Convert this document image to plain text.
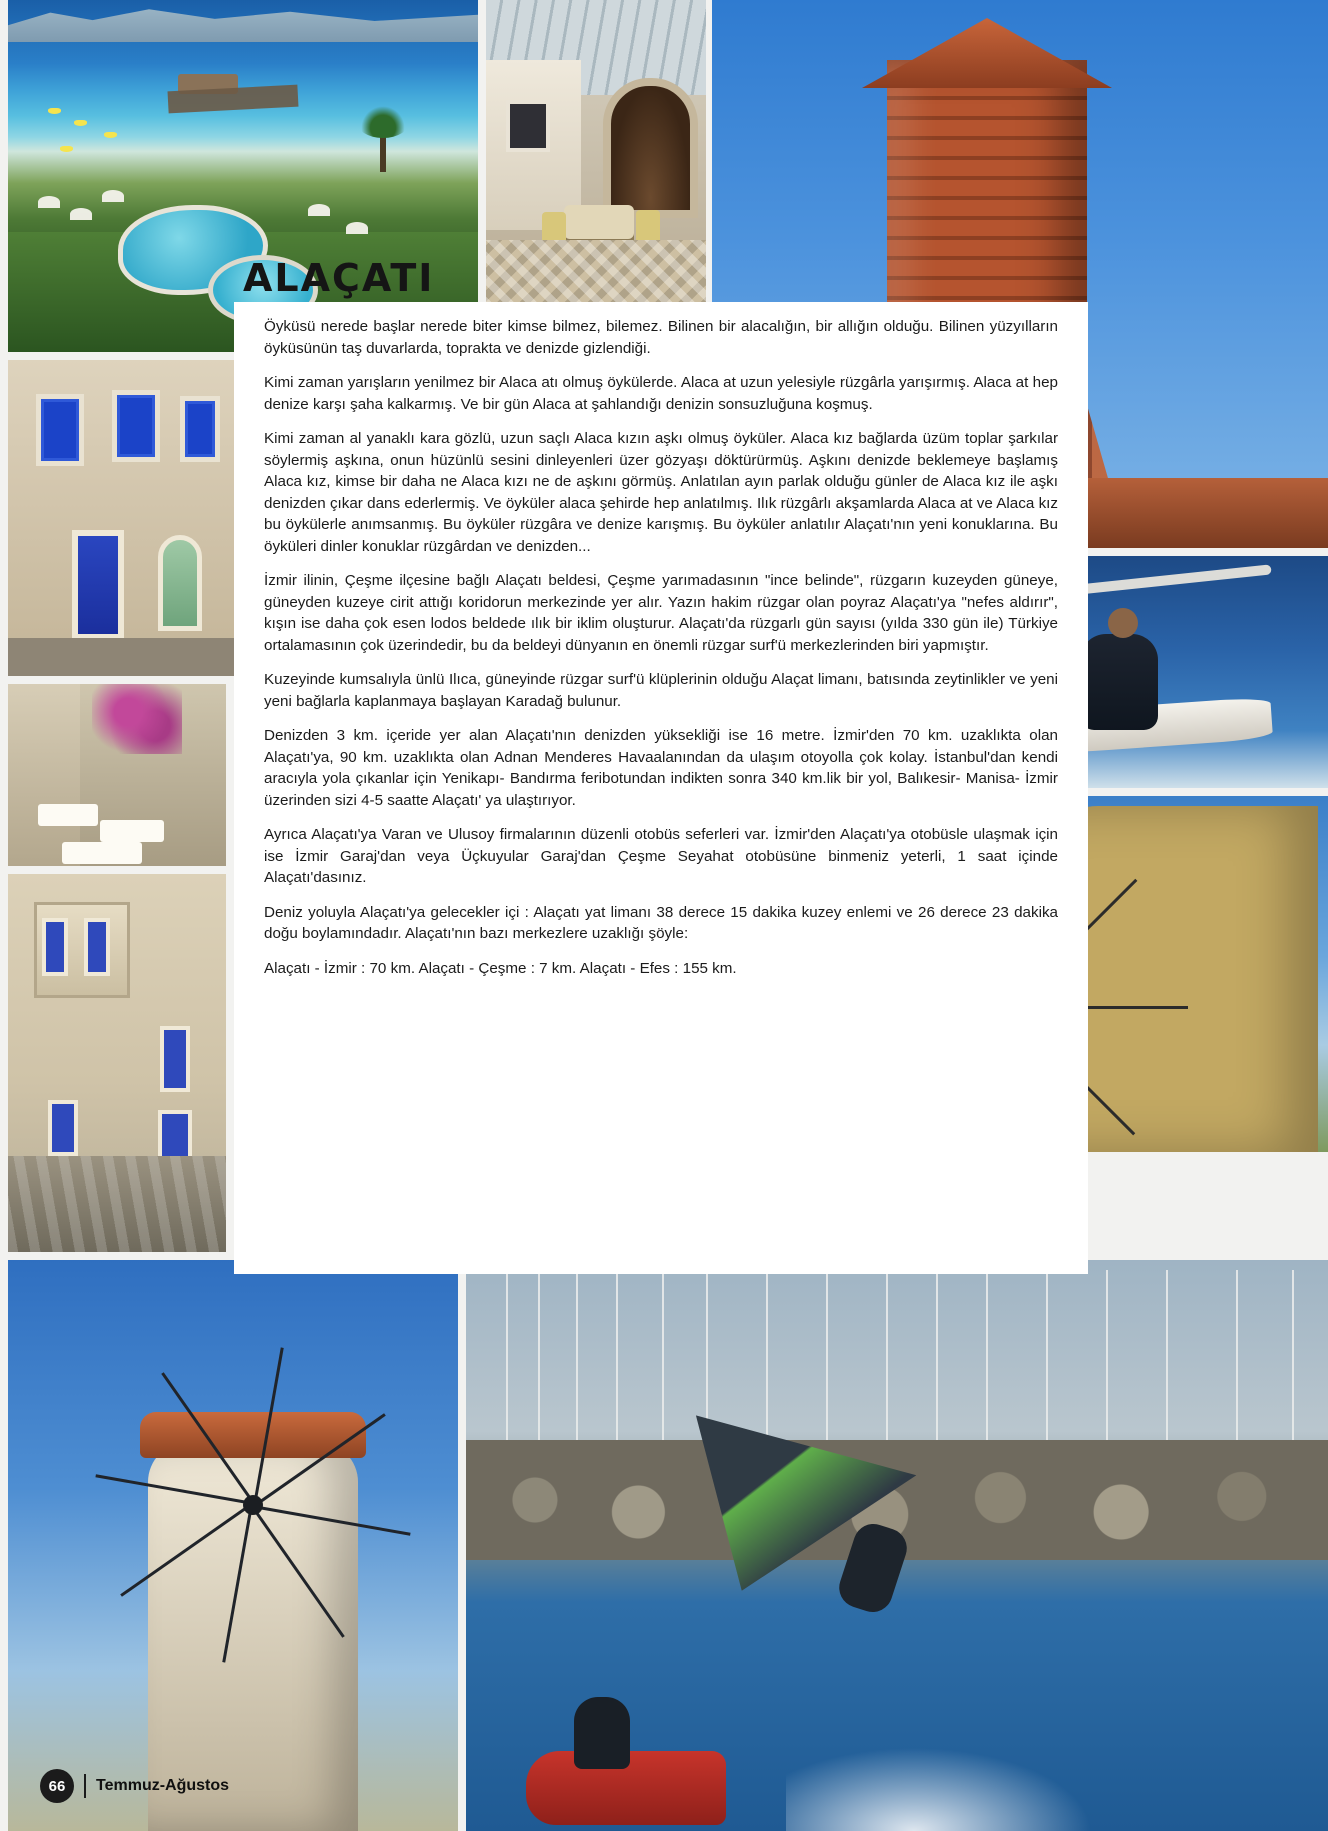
ALAÇATI

Öyküsü nerede başlar nerede biter kimse bilmez, bilemez. Bilinen bir alacalığın, bir allığın olduğu. Bilinen yüzyılların öyküsünün taş duvarlarda, toprakta ve denizde gizlendiği.

Kimi zaman yarışların yenilmez bir Alaca atı olmuş öykülerde. Alaca at uzun yelesiyle rüzgârla yarışırmış. Alaca at hep denize karşı şaha kalkarmış. Ve bir gün Alaca at şahlandığı denizin sonsuzluğuna koşmuş.

Kimi zaman al yanaklı kara gözlü, uzun saçlı Alaca kızın aşkı olmuş öyküler. Alaca kız bağlarda üzüm toplar şarkılar söylermiş aşkına, onun hüzünlü sesini dinleyenleri üzer gözyaşı döktürürmüş. Aşkını denizde beklemeye başlamış Alaca kız, kimse bir daha ne Alaca kızı ne de aşkını görmüş. Anlatılan ayın parlak olduğu günler de Alaca kız ile aşkı denizden çıkar dans ederlermiş. Ve öyküler alaca şehirde hep anlatılmış. Ilık rüzgârlı akşamlarda Alaca at ve Alaca kız bu öykülerle anımsanmış. Bu öyküler rüzgâra ve denize karışmış. Bu öyküler anlatılır Alaçatı'nın yeni konuklarına. Bu öyküleri dinler konuklar rüzgârdan ve denizden...

İzmir ilinin, Çeşme ilçesine bağlı Alaçatı beldesi, Çeşme yarımadasının "ince belinde", rüzgarın kuzeyden güneye, güneyden kuzeye cirit attığı koridorun merkezinde yer alır. Yazın hakim rüzgar olan poyraz Alaçatı'ya "nefes aldırır", kışın ise daha çok esen lodos beldede ılık bir iklim oluşturur. Alaçatı'da rüzgarlı gün sayısı (yılda 330 gün ile) Türkiye ortalamasının çok üzerindedir, bu da beldeyi dünyanın en önemli rüzgar surf'ü merkezlerinden biri yapmıştır.

Kuzeyinde kumsalıyla ünlü Ilıca, güneyinde rüzgar surf'ü klüplerinin olduğu Alaçat limanı, batısında zeytinlikler ve yeni yeni bağlarla kaplanmaya başlayan Karadağ bulunur.

Denizden 3 km. içeride yer alan Alaçatı'nın denizden yüksekliği ise 16 metre. İzmir'den 70 km. uzaklıkta olan Alaçatı'ya, 90 km. uzaklıkta olan Adnan Menderes Havaalanından da ulaşım otoyolla çok kolay. İstanbul'dan kendi aracıyla yola çıkanlar için Yenikapı- Bandırma feribotundan indikten sonra 340 km.lik bir yol, Balıkesir- Manisa- İzmir üzerinden sizi 4-5 saatte Alaçatı' ya ulaştırıyor.

Ayrıca Alaçatı'ya Varan ve Ulusoy firmalarının düzenli otobüs seferleri var. İzmir'den Alaçatı'ya otobüsle ulaşmak için ise İzmir Garaj'dan veya Üçkuyular Garaj'dan Çeşme Seyahat otobüsüne binmeniz yeterli, 1 saat içinde Alaçatı'dasınız.

Deniz yoluyla Alaçatı'ya gelecekler içi : Alaçatı yat limanı 38 derece 15 dakika kuzey enlemi ve 26 derece 23 dakika doğu boylamındadır. Alaçatı'nın bazı merkezlere uzaklığı şöyle:

Alaçatı - İzmir : 70 km. Alaçatı - Çeşme : 7 km. Alaçatı - Efes : 155 km.

66	Temmuz-Ağustos
